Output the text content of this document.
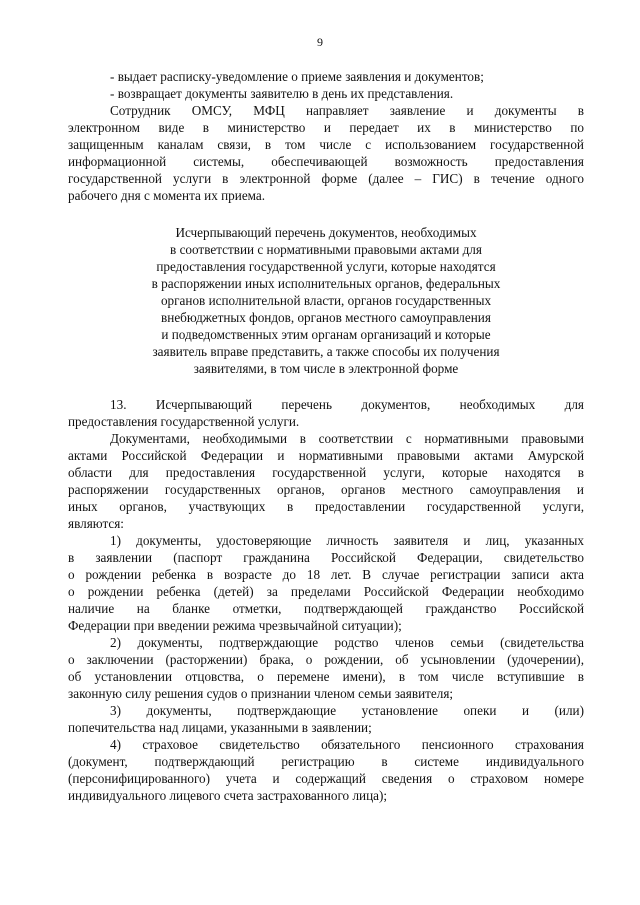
9
- выдает расписку-уведомление о приеме заявления и документов;
- возвращает документы заявителю в день их представления.
Сотрудник ОМСУ, МФЦ направляет заявление и документы в
электронном виде в министерство и передает их в министерство по
защищенным каналам связи, в том числе с использованием государственной
информационной системы, обеспечивающей возможность предоставления
государственной услуги в электронной форме (далее – ГИС) в течение одного
рабочего дня с момента их приема.
Исчерпывающий перечень документов, необходимых
в соответствии с нормативными правовыми актами для
предоставления государственной услуги, которые находятся
в распоряжении иных исполнительных органов, федеральных
органов исполнительной власти, органов государственных
внебюджетных фондов, органов местного самоуправления
и подведомственных этим органам организаций и которые
заявитель вправе представить, а также способы их получения
заявителями, в том числе в электронной форме
13. Исчерпывающий перечень документов, необходимых для
предоставления государственной услуги.
Документами, необходимыми в соответствии с нормативными правовыми
актами Российской Федерации и нормативными правовыми актами Амурской
области для предоставления государственной услуги, которые находятся в
распоряжении государственных органов, органов местного самоуправления и
иных органов, участвующих в предоставлении государственной услуги,
являются:
1) документы, удостоверяющие личность заявителя и лиц, указанных
в заявлении (паспорт гражданина Российской Федерации, свидетельство
о рождении ребенка в возрасте до 18 лет. В случае регистрации записи акта
о рождении ребенка (детей) за пределами Российской Федерации необходимо
наличие на бланке отметки, подтверждающей гражданство Российской
Федерации при введении режима чрезвычайной ситуации);
2) документы, подтверждающие родство членов семьи (свидетельства
о заключении (расторжении) брака, о рождении, об усыновлении (удочерении),
об установлении отцовства, о перемене имени), в том числе вступившие в
законную силу решения судов о признании членом семьи заявителя;
3) документы, подтверждающие установление опеки и (или)
попечительства над лицами, указанными в заявлении;
4) страховое свидетельство обязательного пенсионного страхования
(документ, подтверждающий регистрацию в системе индивидуального
(персонифицированного) учета и содержащий сведения о страховом номере
индивидуального лицевого счета застрахованного лица);
